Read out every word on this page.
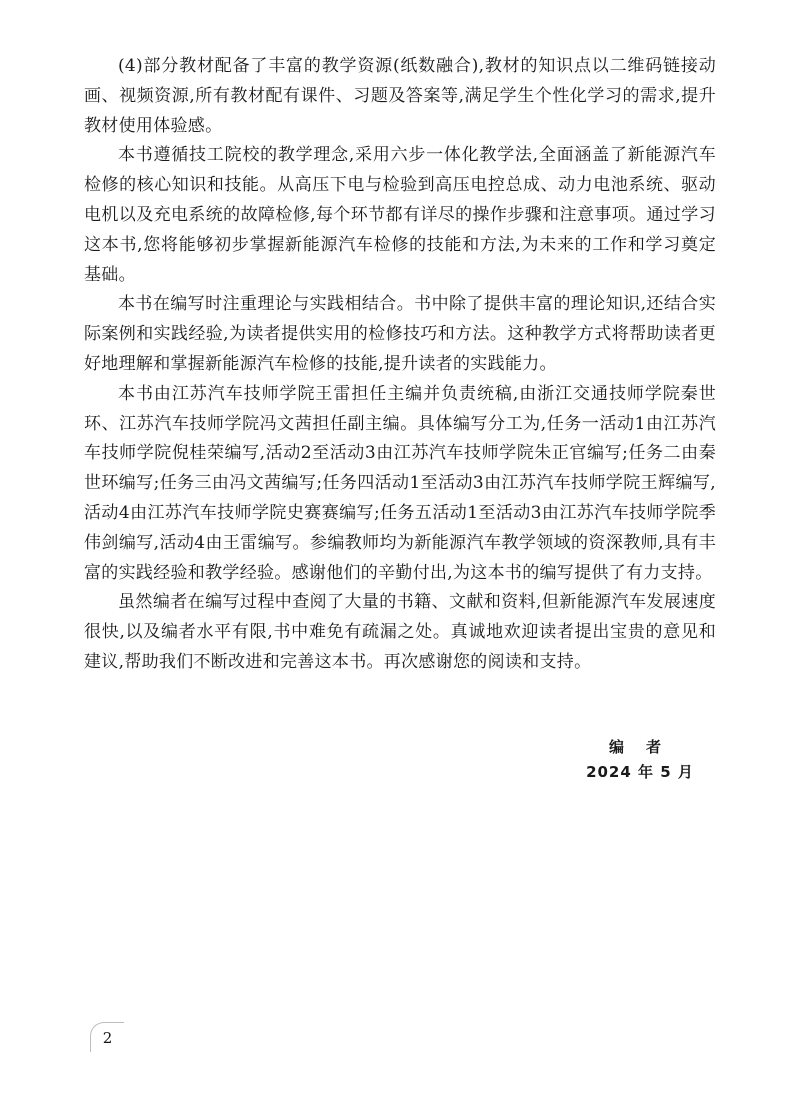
(4)部分教材配备了丰富的教学资源(纸数融合),教材的知识点以二维码链接动画、视频资源,所有教材配有课件、习题及答案等,满足学生个性化学习的需求,提升教材使用体验感。

本书遵循技工院校的教学理念,采用六步一体化教学法,全面涵盖了新能源汽车检修的核心知识和技能。从高压下电与检验到高压电控总成、动力电池系统、驱动电机以及充电系统的故障检修,每个环节都有详尽的操作步骤和注意事项。通过学习这本书,您将能够初步掌握新能源汽车检修的技能和方法,为未来的工作和学习奠定基础。

本书在编写时注重理论与实践相结合。书中除了提供丰富的理论知识,还结合实际案例和实践经验,为读者提供实用的检修技巧和方法。这种教学方式将帮助读者更好地理解和掌握新能源汽车检修的技能,提升读者的实践能力。

本书由江苏汽车技师学院王雷担任主编并负责统稿,由浙江交通技师学院秦世环、江苏汽车技师学院冯文茜担任副主编。具体编写分工为,任务一活动1由江苏汽车技师学院倪桂荣编写,活动2至活动3由江苏汽车技师学院朱正官编写;任务二由秦世环编写;任务三由冯文茜编写;任务四活动1至活动3由江苏汽车技师学院王辉编写,活动4由江苏汽车技师学院史赛赛编写;任务五活动1至活动3由江苏汽车技师学院季伟剑编写,活动4由王雷编写。参编教师均为新能源汽车教学领域的资深教师,具有丰富的实践经验和教学经验。感谢他们的辛勤付出,为这本书的编写提供了有力支持。

虽然编者在编写过程中查阅了大量的书籍、文献和资料,但新能源汽车发展速度很快,以及编者水平有限,书中难免有疏漏之处。真诚地欢迎读者提出宝贵的意见和建议,帮助我们不断改进和完善这本书。再次感谢您的阅读和支持。

编者
2024 年 5 月
2
